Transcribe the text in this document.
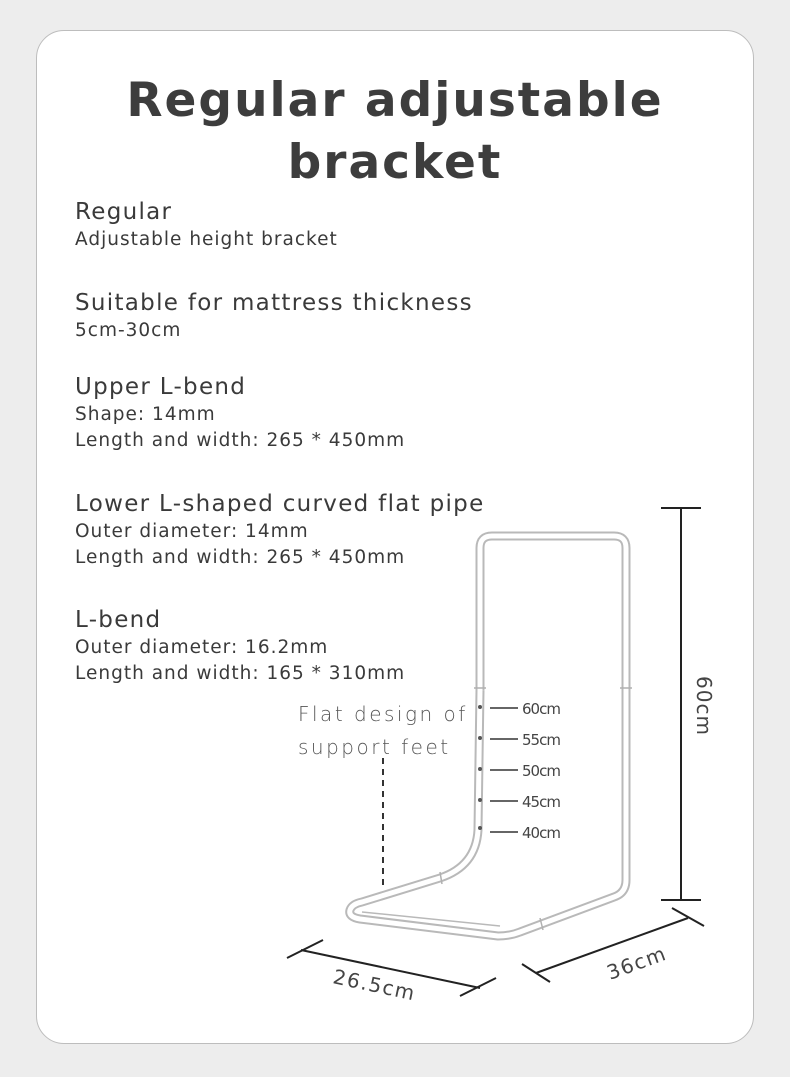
Regular adjustable
bracket
Regular
Adjustable height bracket
Suitable for mattress thickness
5cm-30cm
Upper L-bend
Shape: 14mm
Length and width: 265 * 450mm
Lower L-shaped curved flat pipe
Outer diameter: 14mm
Length and width: 265 * 450mm
L-bend
Outer diameter: 16.2mm
Length and width: 165 * 310mm
Flat design of
support feet
60cm
55cm
50cm
45cm
40cm
60cm
26.5cm
36cm
